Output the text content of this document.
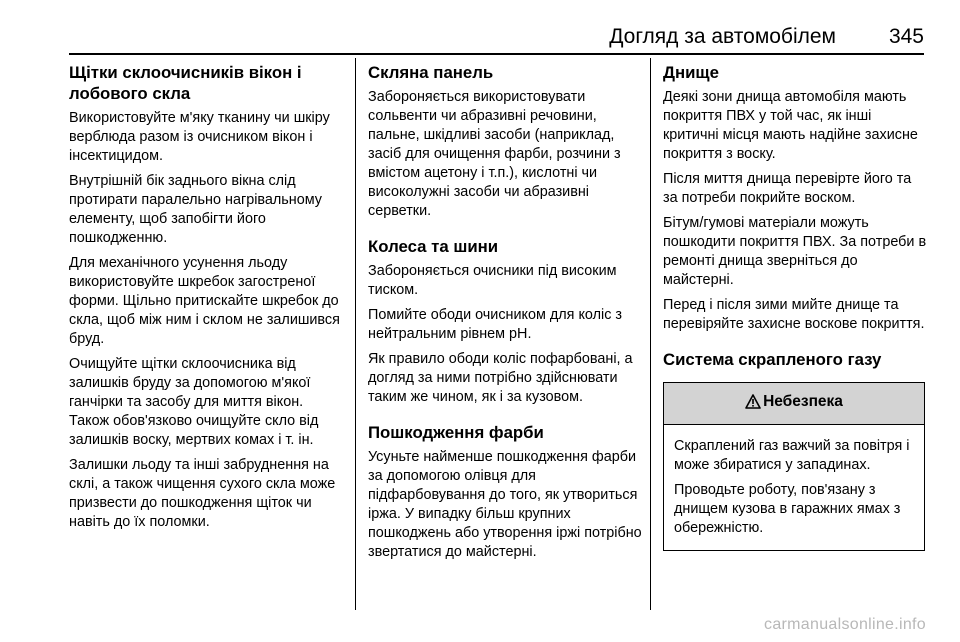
Догляд за автомобілем	345
Щітки склоочисників вікон і лобового скла

Використовуйте м'яку тканину чи шкіру верблюда разом із очисником вікон і інсектицидом.

Внутрішній бік заднього вікна слід протирати паралельно нагрівальному елементу, щоб запобігти його пошкодженню.

Для механічного усунення льоду використовуйте шкребок загостреної форми. Щільно притискайте шкребок до скла, щоб між ним і склом не залишився бруд.

Очищуйте щітки склоочисника від залишків бруду за допомогою м'якої ганчірки та засобу для миття вікон. Також обов'язково очищуйте скло від залишків воску, мертвих комах і т. ін.

Залишки льоду та інші забруднення на склі, а також чищення сухого скла може призвести до пошкодження щіток чи навіть до їх поломки.

Скляна панель

Забороняється використовувати сольвенти чи абразивні речовини, пальне, шкідливі засоби (наприклад, засіб для очищення фарби, розчини з вмістом ацетону і т.п.), кислотні чи високолужні засоби чи абразивні серветки.

Колеса та шини

Забороняється очисники під високим тиском.

Помийте ободи очисником для коліс з нейтральним рівнем pH.

Як правило ободи коліс пофарбовані, а догляд за ними потрібно здійснювати таким же чином, як і за кузовом.

Пошкодження фарби

Усуньте найменше пошкодження фарби за допомогою олівця для підфарбовування до того, як утвориться іржа. У випадку більш крупних пошкоджень або утворення іржі потрібно звертатися до майстерні.

Днище

Деякі зони днища автомобіля мають покриття ПВХ у той час, як інші критичні місця мають надійне захисне покриття з воску.

Після миття днища перевірте його та за потреби покрийте воском.

Бітум/гумові матеріали можуть пошкодити покриття ПВХ. За потреби в ремонті днища зверніться до майстерні.

Перед і після зими мийте днище та перевіряйте захисне воскове покриття.

Система скрапленого газу
Небезпека

Скраплений газ важчий за повітря і може збиратися у западинах.

Проводьте роботу, пов'язану з днищем кузова в гаражних ямах з обережністю.

carmanualsonline.info
